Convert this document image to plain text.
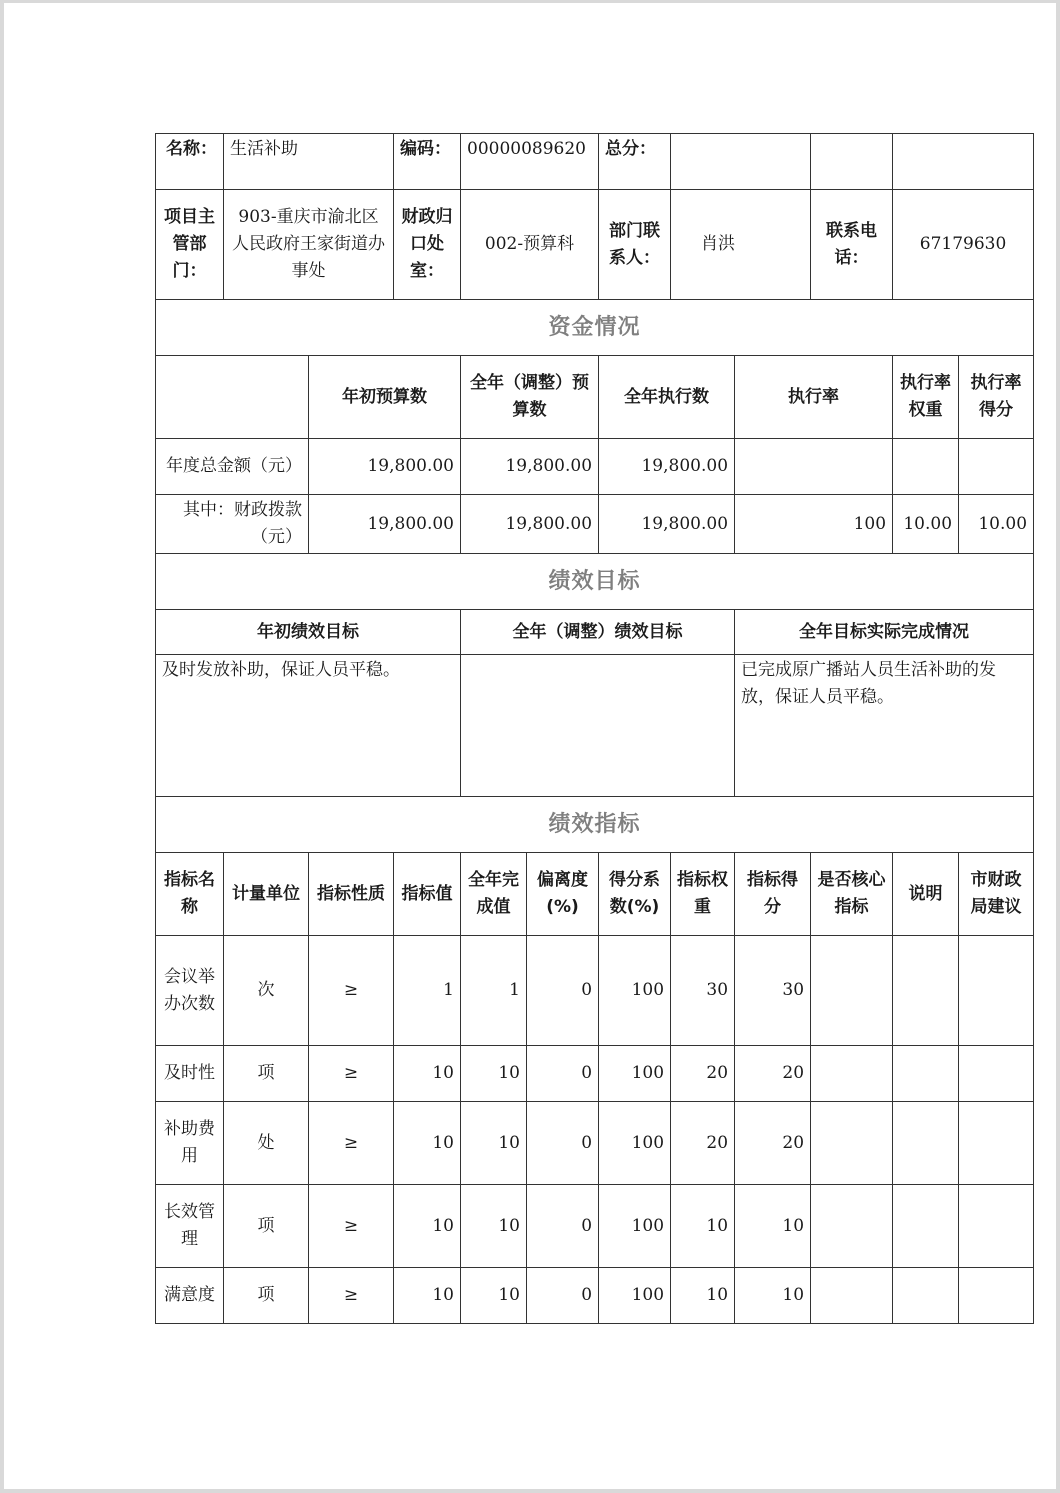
名称：	生活补助		编码：	00000089620		总分：					
项目主管部门：	903-重庆市渝北区人民政府王家街道办事处		财政归口处室：	002-预算科		部门联系人：	肖洪		联系电话：	67179630	
资金情况											
		年初预算数		全年（调整）预算数		全年执行数		执行率		执行率权重	执行率得分
年度总金额（元）		19,800.00		19,800.00		19,800.00					
其中：财政拨款（元）		19,800.00		19,800.00		19,800.00		100		10.00	10.00
绩效目标											
年初绩效目标				全年（调整）绩效目标				全年目标实际完成情况			
及时发放补助，保证人员平稳。								已完成原广播站人员生活补助的发放，保证人员平稳。			
绩效指标											
指标名称	计量单位	指标性质	指标值	全年完成值	偏离度(%)	得分系数(%)	指标权重	指标得分	是否核心指标	说明	市财政局建议
会议举办次数	次	≥	1	1	0	100	30	30			
及时性	项	≥	10	10	0	100	20	20			
补助费用	处	≥	10	10	0	100	20	20			
长效管理	项	≥	10	10	0	100	10	10			
满意度	项	≥	10	10	0	100	10	10			
